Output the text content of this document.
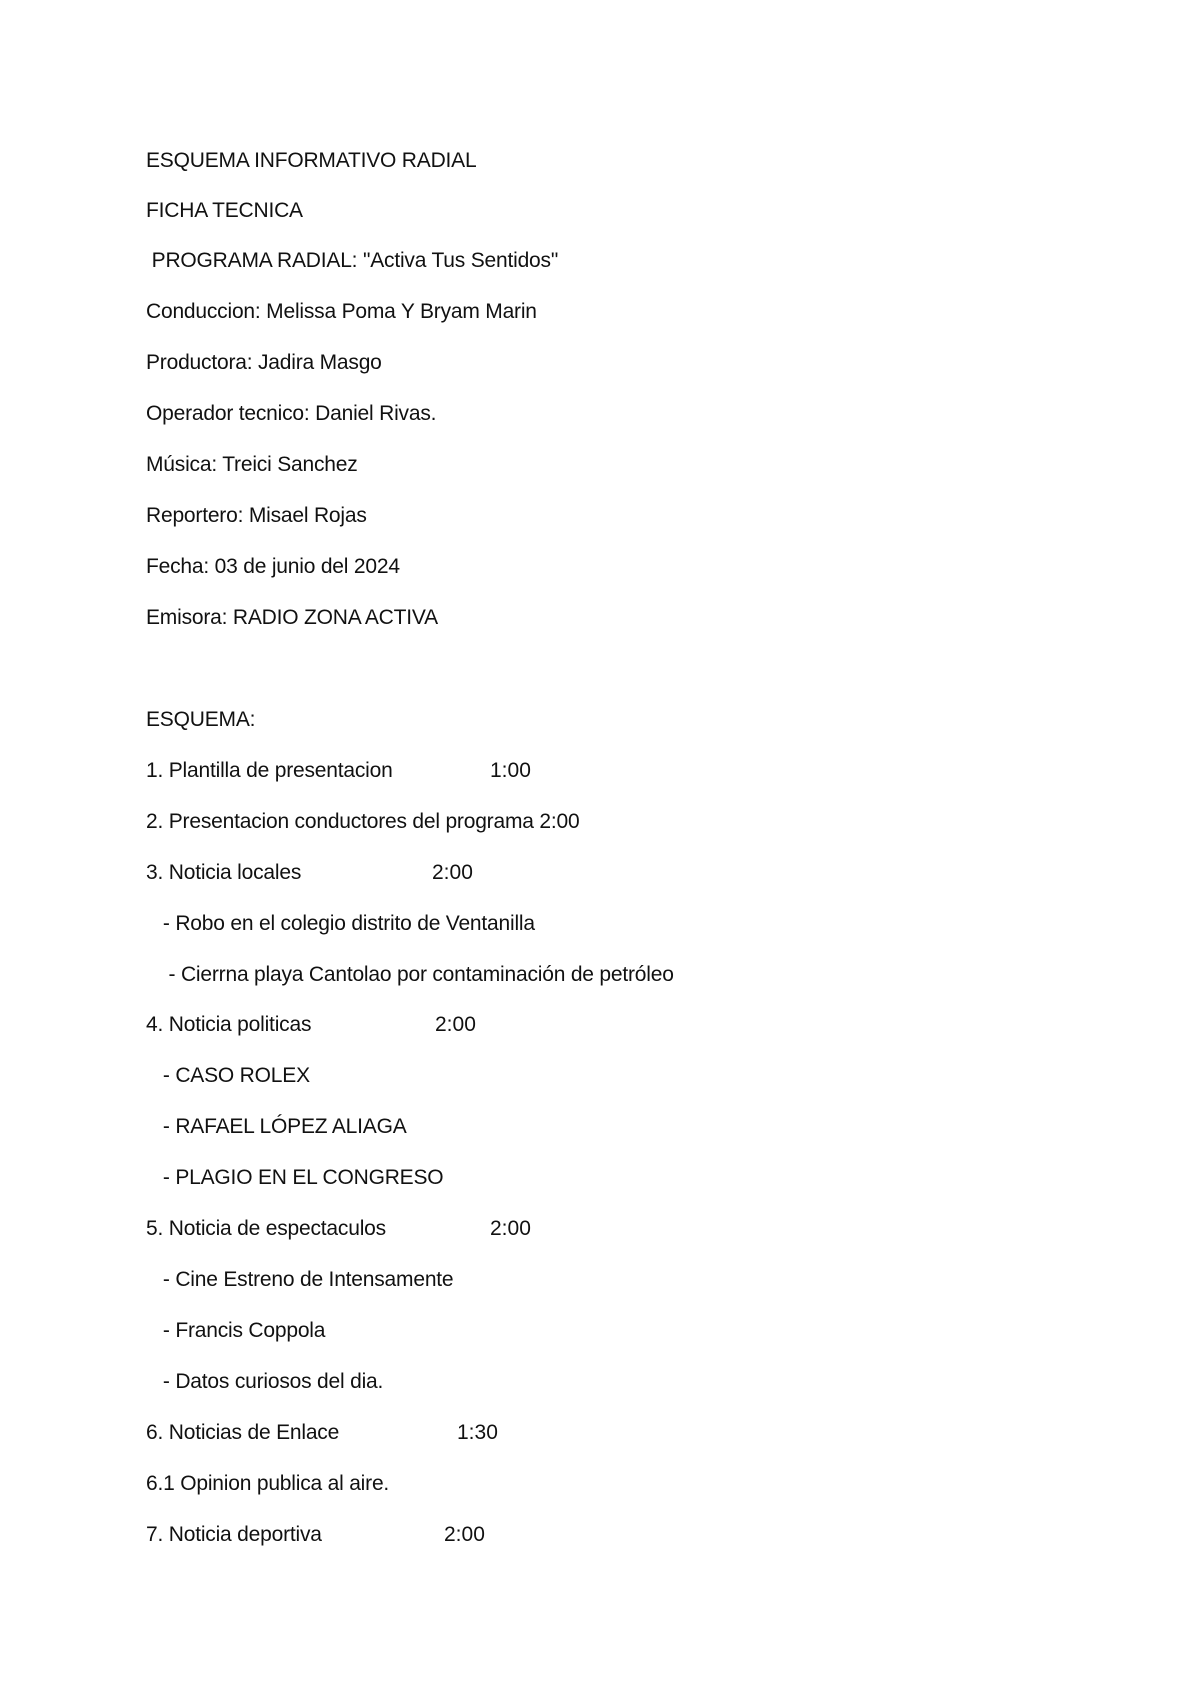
ESQUEMA INFORMATIVO RADIAL
FICHA TECNICA
PROGRAMA RADIAL: "Activa Tus Sentidos"
Conduccion: Melissa Poma Y Bryam Marin
Productora: Jadira Masgo
Operador tecnico: Daniel Rivas.
Música: Treici Sanchez
Reportero: Misael Rojas
Fecha: 03 de junio del 2024
Emisora: RADIO ZONA ACTIVA
ESQUEMA:
1. Plantilla de presentacion	1:00
2. Presentacion conductores del programa 2:00
3. Noticia locales	2:00
- Robo en el colegio distrito de Ventanilla
- Cierrna playa Cantolao por contaminación de petróleo
4. Noticia politicas	2:00
- CASO ROLEX
- RAFAEL LÓPEZ ALIAGA
- PLAGIO EN EL CONGRESO
5. Noticia de espectaculos	2:00
- Cine Estreno de Intensamente
- Francis Coppola
- Datos curiosos del dia.
6. Noticias de Enlace	1:30
6.1 Opinion publica al aire.
7. Noticia deportiva	2:00
